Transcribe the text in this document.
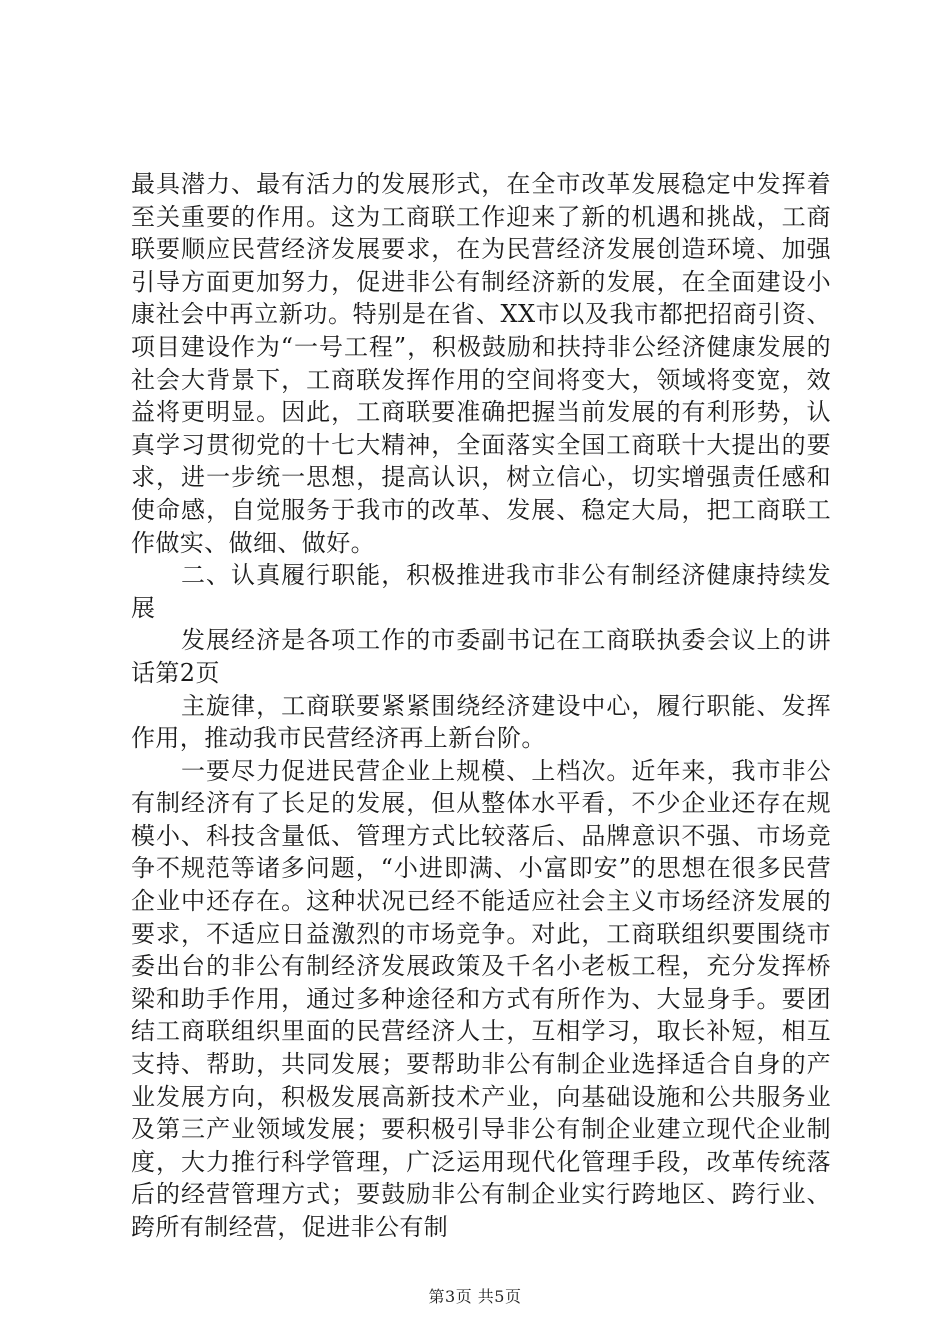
最具潜力、最有活力的发展形式，在全市改革发展稳定中发挥着至关重要的作用。这为工商联工作迎来了新的机遇和挑战，工商联要顺应民营经济发展要求，在为民营经济发展创造环境、加强引导方面更加努力，促进非公有制经济新的发展，在全面建设小康社会中再立新功。特别是在省、XX市以及我市都把招商引资、项目建设作为“一号工程”，积极鼓励和扶持非公经济健康发展的社会大背景下，工商联发挥作用的空间将变大，领域将变宽，效益将更明显。因此，工商联要准确把握当前发展的有利形势，认真学习贯彻党的十七大精神，全面落实全国工商联十大提出的要求，进一步统一思想，提高认识，树立信心，切实增强责任感和使命感，自觉服务于我市的改革、发展、稳定大局，把工商联工作做实、做细、做好。

二、认真履行职能，积极推进我市非公有制经济健康持续发展

发展经济是各项工作的市委副书记在工商联执委会议上的讲话第2页

主旋律，工商联要紧紧围绕经济建设中心，履行职能、发挥作用，推动我市民营经济再上新台阶。

一要尽力促进民营企业上规模、上档次。近年来，我市非公有制经济有了长足的发展，但从整体水平看，不少企业还存在规模小、科技含量低、管理方式比较落后、品牌意识不强、市场竞争不规范等诸多问题，“小进即满、小富即安”的思想在很多民营企业中还存在。这种状况已经不能适应社会主义市场经济发展的要求，不适应日益激烈的市场竞争。对此，工商联组织要围绕市委出台的非公有制经济发展政策及千名小老板工程，充分发挥桥梁和助手作用，通过多种途径和方式有所作为、大显身手。要团结工商联组织里面的民营经济人士，互相学习，取长补短，相互支持、帮助，共同发展；要帮助非公有制企业选择适合自身的产业发展方向，积极发展高新技术产业，向基础设施和公共服务业及第三产业领域发展；要积极引导非公有制企业建立现代企业制度，大力推行科学管理，广泛运用现代化管理手段，改革传统落后的经营管理方式；要鼓励非公有制企业实行跨地区、跨行业、跨所有制经营，促进非公有制

第3页 共5页
